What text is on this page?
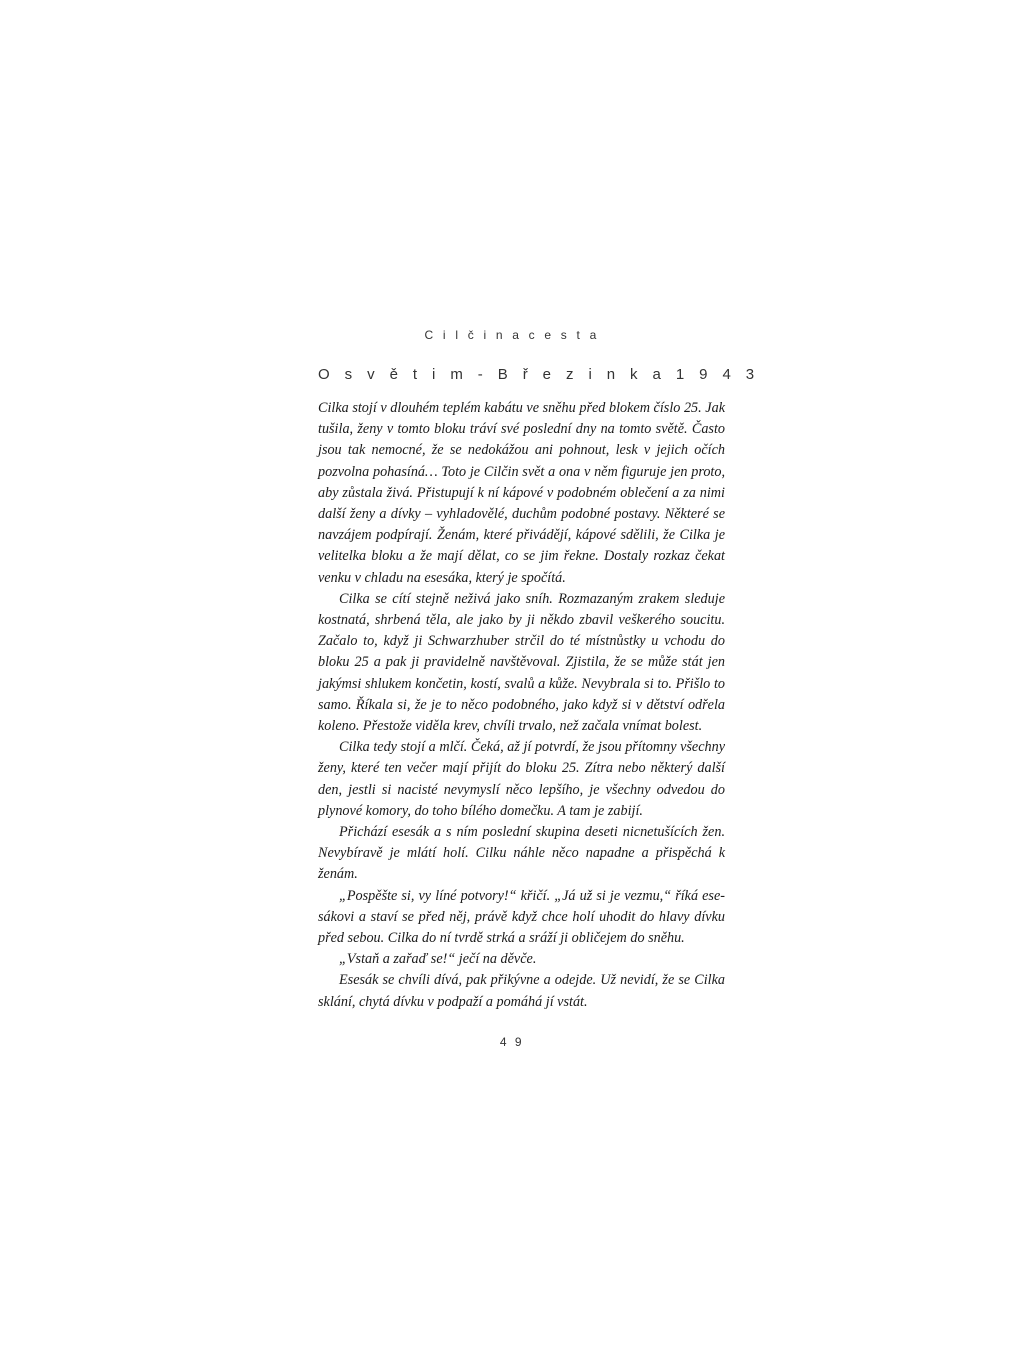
C i l č i n a c e s t a
O s v ě t i m - B ř e z i n k a 1 9 4 3

Cilka stojí v dlouhém teplém kabátu ve sněhu před blokem číslo 25. Jak tušila, ženy v tomto bloku tráví své poslední dny na tomto světě. Často jsou tak nemocné, že se nedokážou ani pohnout, lesk v jejich očích pozvolna pohasíná… Toto je Cilčin svět a ona v něm figuruje jen proto, aby zůstala živá. Přistupují k ní kápové v podobném oblečení a za nimi další ženy a dívky – vyhladovělé, duchům podobné postavy. Některé se navzájem podpírají. Ženám, které přivádějí, kápové sdělili, že Cilka je velitelka bloku a že mají dělat, co se jim řekne. Dostaly rozkaz čekat venku v chladu na esesáka, který je spočítá.

Cilka se cítí stejně neživá jako sníh. Rozmazaným zrakem sleduje kostnatá, shrbená těla, ale jako by ji někdo zbavil veškerého soucitu. Začalo to, když ji Schwarzhuber strčil do té místnůstky u vchodu do bloku 25 a pak ji pravidelně navštěvoval. Zjistila, že se může stát jen jakýmsi shlukem končetin, kostí, svalů a kůže. Nevybrala si to. Přišlo to samo. Říkala si, že je to něco podobného, jako když si v dětství odřela koleno. Přestože viděla krev, chvíli trvalo, než začala vnímat bolest.

Cilka tedy stojí a mlčí. Čeká, až jí potvrdí, že jsou přítomny všechny ženy, které ten večer mají přijít do bloku 25. Zítra nebo některý další den, jestli si nacisté nevymyslí něco lepšího, je všechny odvedou do plynové komory, do toho bílého domečku. A tam je zabijí.

Přichází esesák a s ním poslední skupina deseti nicnetušících žen. Nevybíravě je mlátí holí. Cilku náhle něco napadne a přispěchá k ženám.

„Pospěšte si, vy líné potvory!“ křičí. „Já už si je vezmu,“ říká esesákovi a staví se před něj, právě když chce holí uhodit do hlavy dívku před sebou. Cilka do ní tvrdě strká a sráží ji obličejem do sněhu.

„Vstaň a zařaď se!“ ječí na děvče.

Esesák se chvíli dívá, pak přikývne a odejde. Už nevidí, že se Cilka sklání, chytá dívku v podpaží a pomáhá jí vstát.

4 9
